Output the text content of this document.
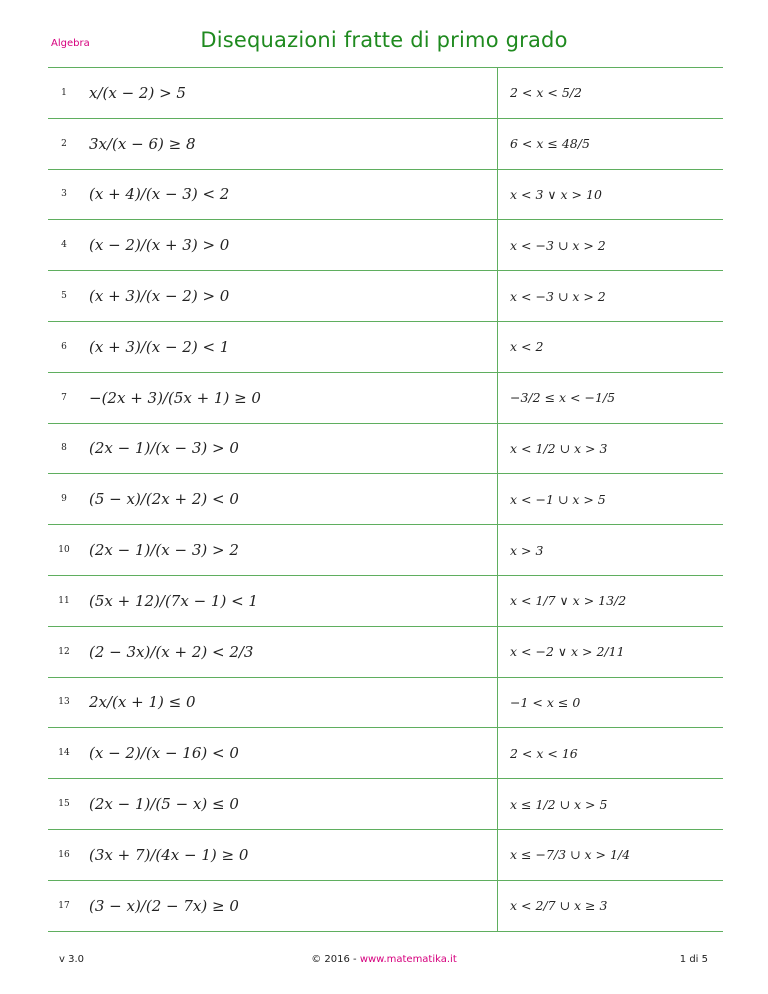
Algebra	Disequazioni fratte di primo grado
1	x/(x − 2) > 5	2 < x < 5/2
2	3x/(x − 6) ≥ 8	6 < x ≤ 48/5
3	(x + 4)/(x − 3) < 2	x < 3 ∨ x > 10
4	(x − 2)/(x + 3) > 0	x < −3 ∪ x > 2
5	(x + 3)/(x − 2) > 0	x < −3 ∪ x > 2
6	(x + 3)/(x − 2) < 1	x < 2
7	−(2x + 3)/(5x + 1) ≥ 0	−3/2 ≤ x < −1/5
8	(2x − 1)/(x − 3) > 0	x < 1/2 ∪ x > 3
9	(5 − x)/(2x + 2) < 0	x < −1 ∪ x > 5
10	(2x − 1)/(x − 3) > 2	x > 3
11	(5x + 12)/(7x − 1) < 1	x < 1/7 ∨ x > 13/2
12	(2 − 3x)/(x + 2) < 2/3	x < −2 ∨ x > 2/11
13	2x/(x + 1) ≤ 0	−1 < x ≤ 0
14	(x − 2)/(x − 16) < 0	2 < x < 16
15	(2x − 1)/(5 − x) ≤ 0	x ≤ 1/2 ∪ x > 5
16	(3x + 7)/(4x − 1) ≥ 0	x ≤ −7/3 ∪ x > 1/4
17	(3 − x)/(2 − 7x) ≥ 0	x < 2/7 ∪ x ≥ 3
v 3.0	© 2016 - www.matematika.it	1 di 5
